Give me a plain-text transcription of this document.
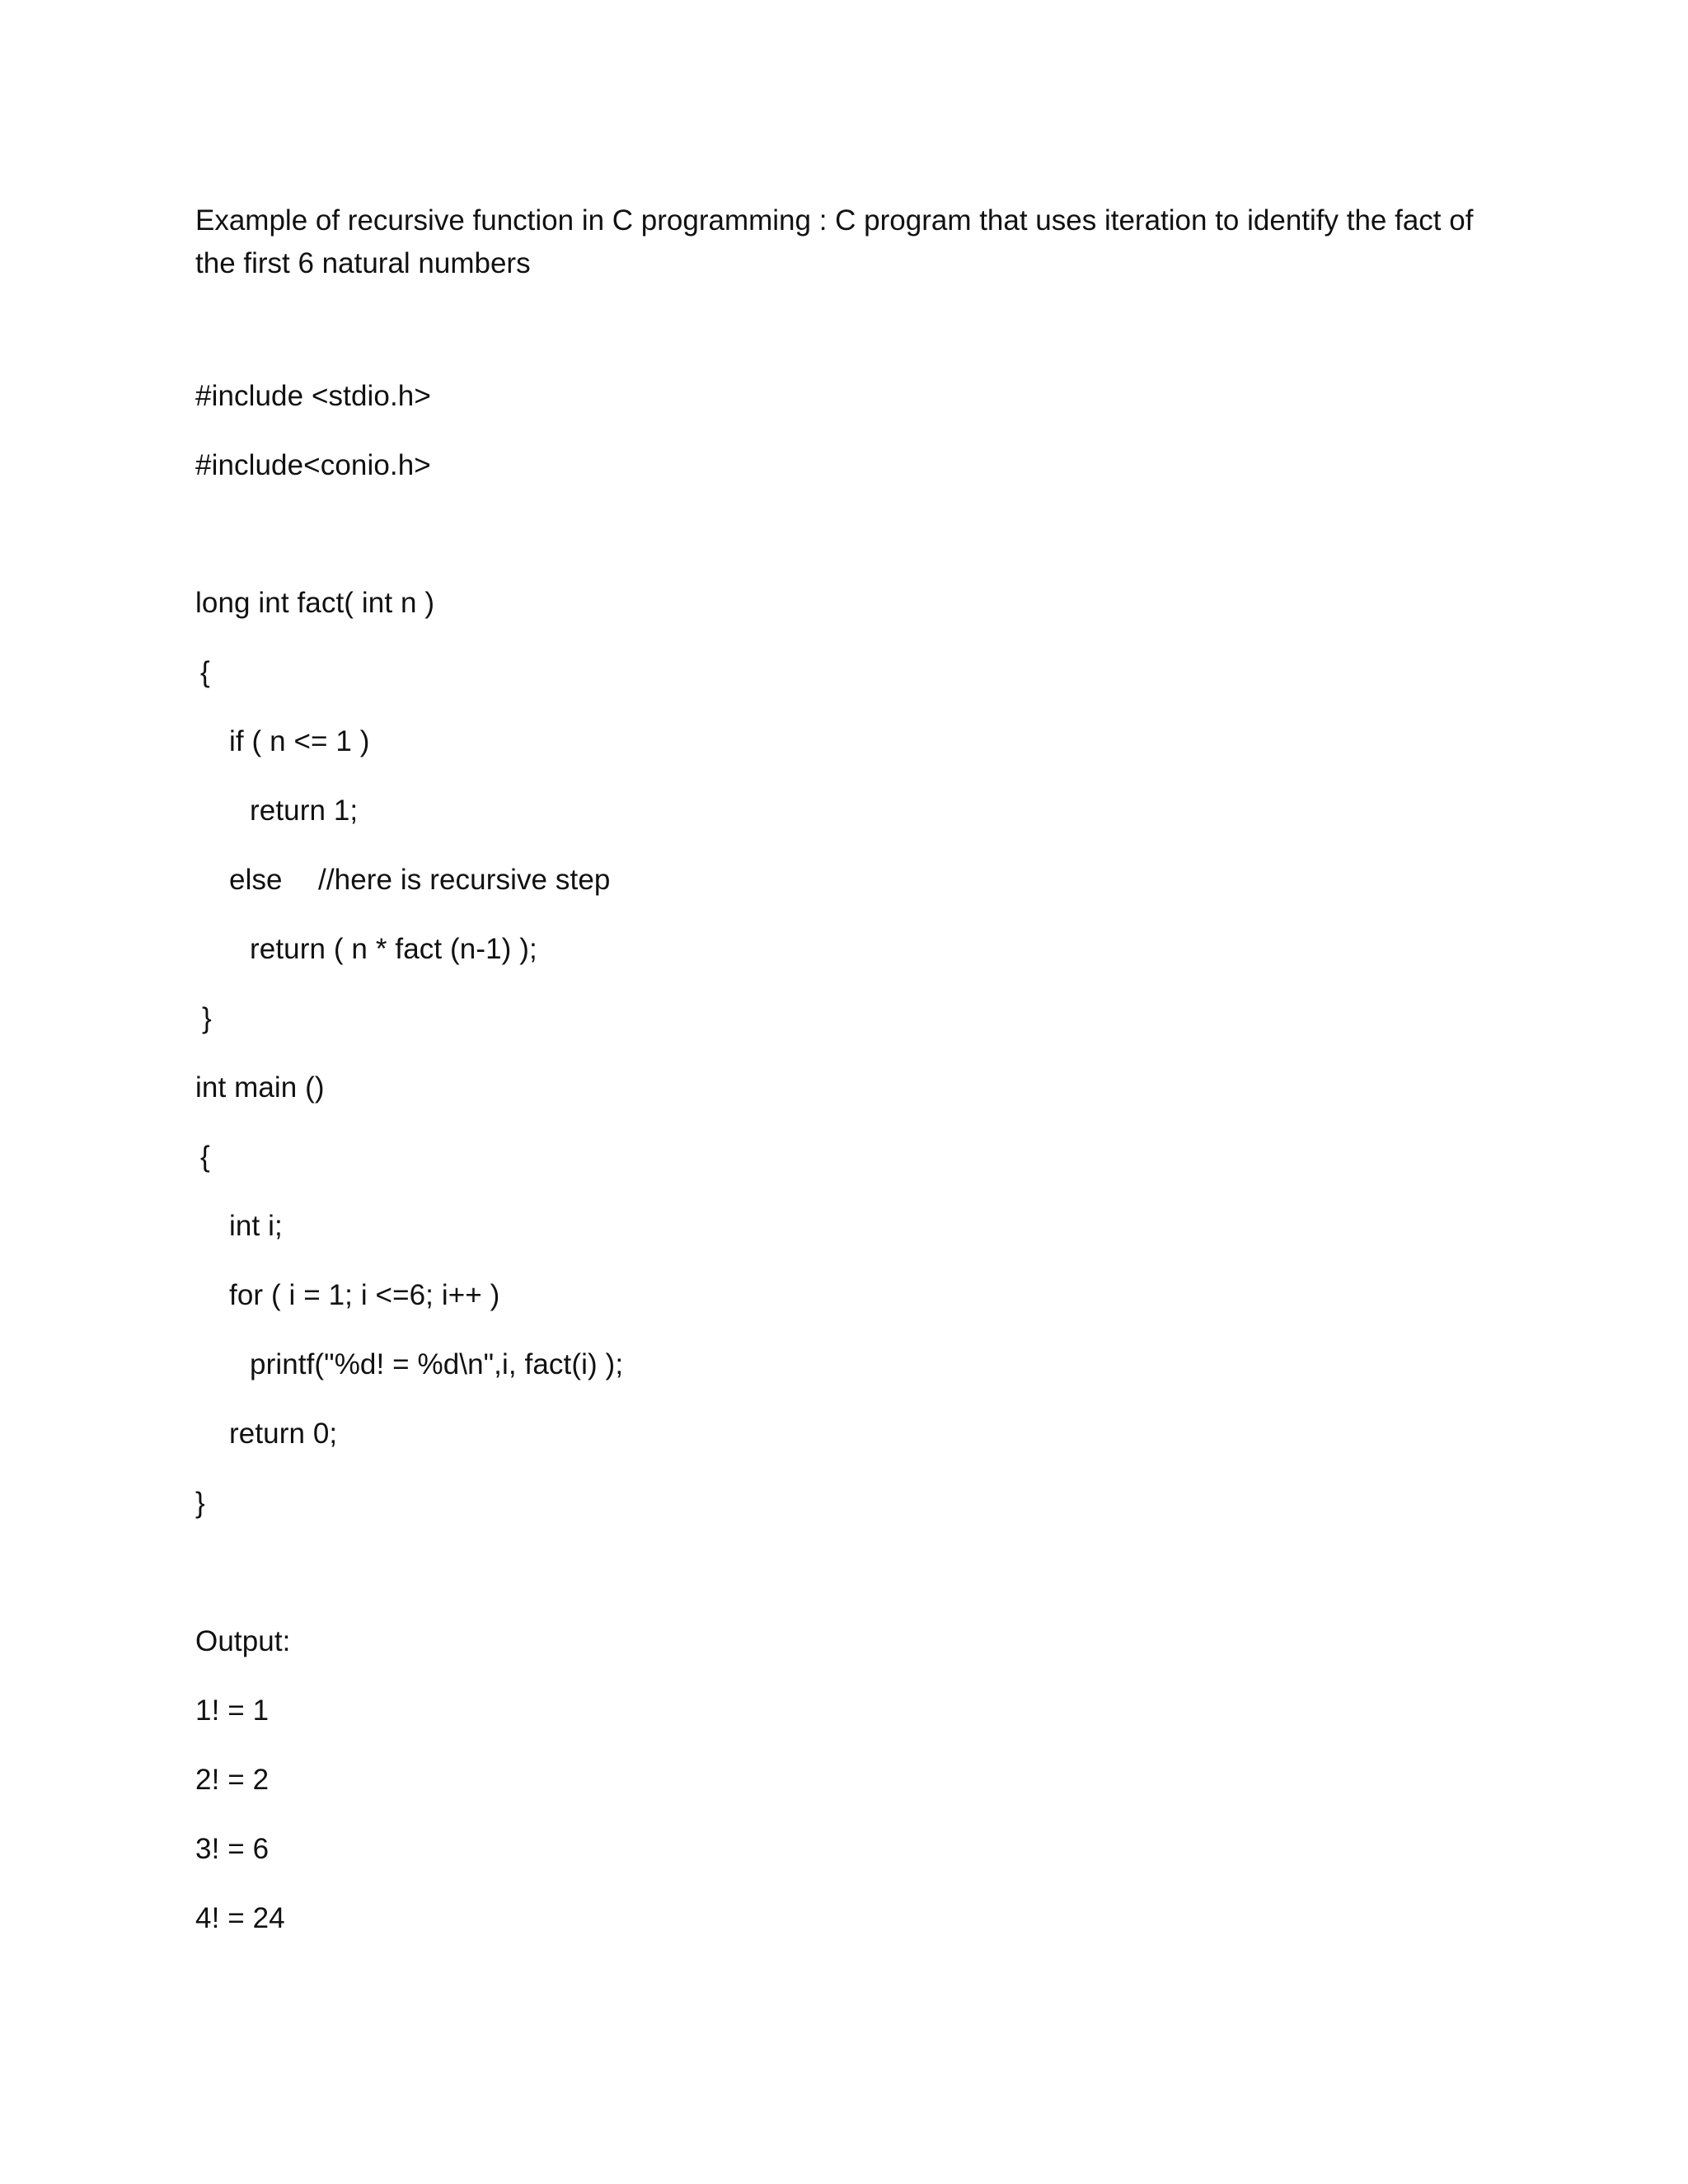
Example of recursive function in C programming : C program that uses iteration to identify the fact of
the first 6 natural numbers
#include <stdio.h>
#include<conio.h>
long int fact( int n )
{
if ( n <= 1 )
return 1;
else //here is recursive step
return ( n * fact (n-1) );
}
int main ()
{
int i;
for ( i = 1; i <=6; i++ )
printf("%d! = %d\n",i, fact(i) );
return 0;
}
Output:
1! = 1
2! = 2
3! = 6
4! = 24
